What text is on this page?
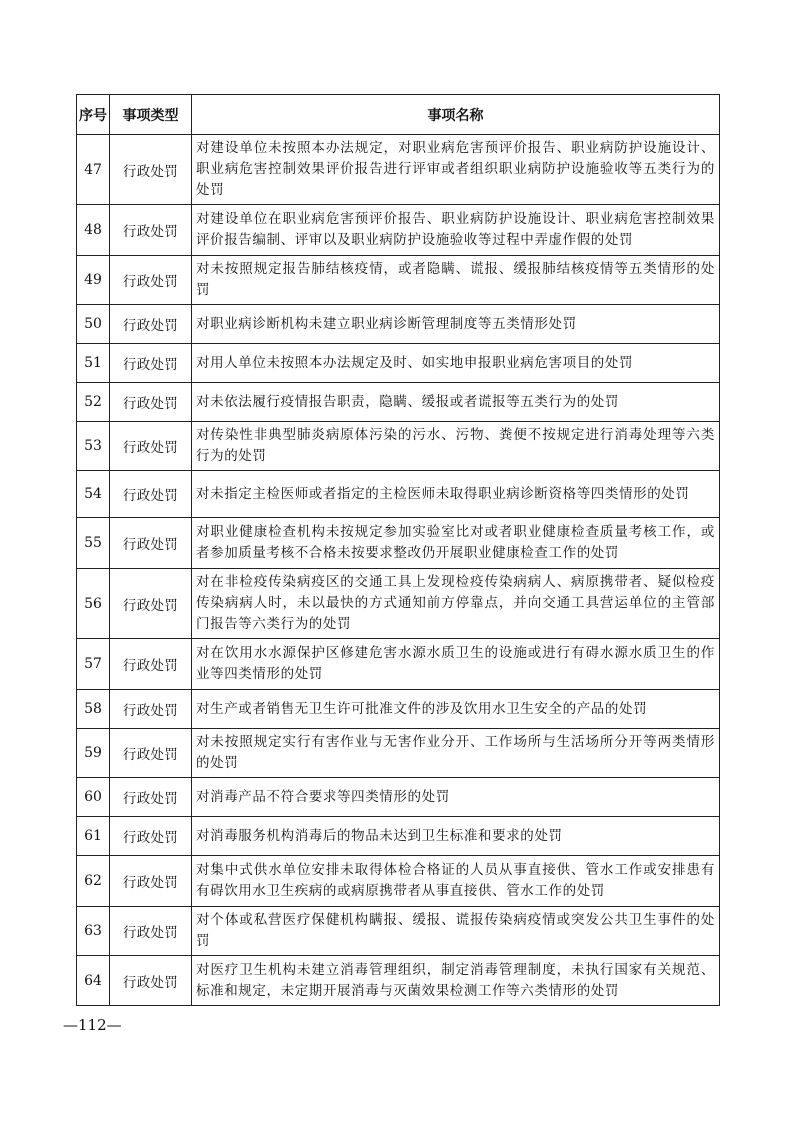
序号	事项类型	事项名称
47	行政处罚	对建设单位未按照本办法规定，对职业病危害预评价报告、职业病防护设施设计、职业病危害控制效果评价报告进行评审或者组织职业病防护设施验收等五类行为的处罚
48	行政处罚	对建设单位在职业病危害预评价报告、职业病防护设施设计、职业病危害控制效果评价报告编制、评审以及职业病防护设施验收等过程中弄虚作假的处罚
49	行政处罚	对未按照规定报告肺结核疫情，或者隐瞒、谎报、缓报肺结核疫情等五类情形的处罚
50	行政处罚	对职业病诊断机构未建立职业病诊断管理制度等五类情形处罚
51	行政处罚	对用人单位未按照本办法规定及时、如实地申报职业病危害项目的处罚
52	行政处罚	对未依法履行疫情报告职责，隐瞒、缓报或者谎报等五类行为的处罚
53	行政处罚	对传染性非典型肺炎病原体污染的污水、污物、粪便不按规定进行消毒处理等六类行为的处罚
54	行政处罚	对未指定主检医师或者指定的主检医师未取得职业病诊断资格等四类情形的处罚
55	行政处罚	对职业健康检查机构未按规定参加实验室比对或者职业健康检查质量考核工作，或者参加质量考核不合格未按要求整改仍开展职业健康检查工作的处罚
56	行政处罚	对在非检疫传染病疫区的交通工具上发现检疫传染病病人、病原携带者、疑似检疫传染病病人时，未以最快的方式通知前方停靠点，并向交通工具营运单位的主管部门报告等六类行为的处罚
57	行政处罚	对在饮用水水源保护区修建危害水源水质卫生的设施或进行有碍水源水质卫生的作业等四类情形的处罚
58	行政处罚	对生产或者销售无卫生许可批准文件的涉及饮用水卫生安全的产品的处罚
59	行政处罚	对未按照规定实行有害作业与无害作业分开、工作场所与生活场所分开等两类情形的处罚
60	行政处罚	对消毒产品不符合要求等四类情形的处罚
61	行政处罚	对消毒服务机构消毒后的物品未达到卫生标准和要求的处罚
62	行政处罚	对集中式供水单位安排未取得体检合格证的人员从事直接供、管水工作或安排患有有碍饮用水卫生疾病的或病原携带者从事直接供、管水工作的处罚
63	行政处罚	对个体或私营医疗保健机构瞒报、缓报、谎报传染病疫情或突发公共卫生事件的处罚
64	行政处罚	对医疗卫生机构未建立消毒管理组织，制定消毒管理制度，未执行国家有关规范、标准和规定，未定期开展消毒与灭菌效果检测工作等六类情形的处罚
—112—
